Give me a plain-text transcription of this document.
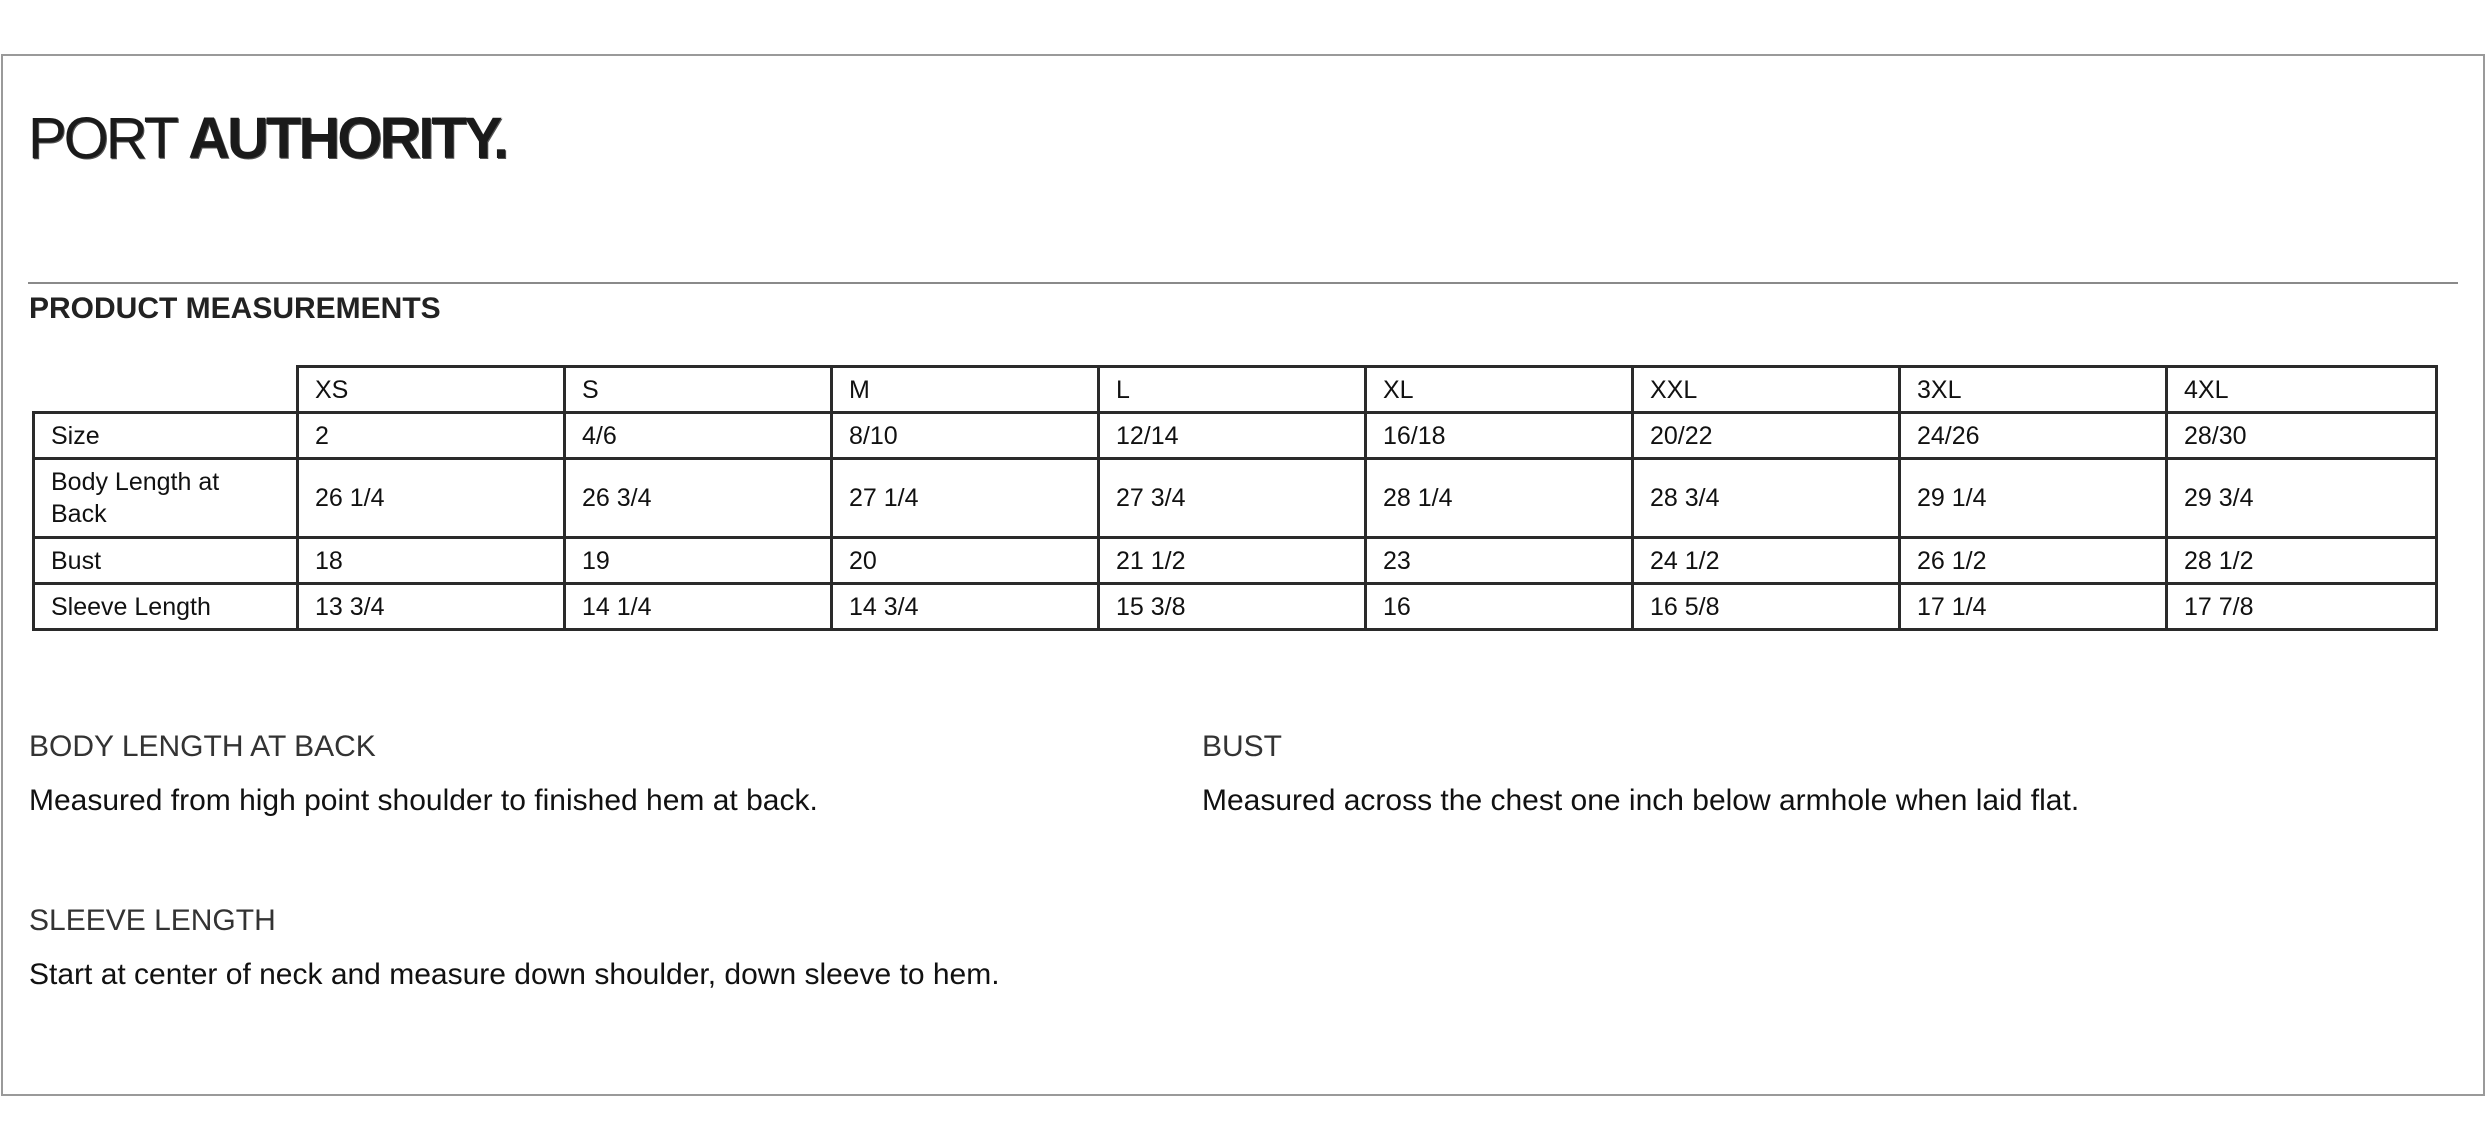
PORT AUTHORITY.
PRODUCT MEASUREMENTS
	XS	S	M	L	XL	XXL	3XL	4XL
Size	2	4/6	8/10	12/14	16/18	20/22	24/26	28/30
Body Length at Back	26 1/4	26 3/4	27 1/4	27 3/4	28 1/4	28 3/4	29 1/4	29 3/4
Bust	18	19	20	21 1/2	23	24 1/2	26 1/2	28 1/2
Sleeve Length	13 3/4	14 1/4	14 3/4	15 3/8	16	16 5/8	17 1/4	17 7/8
BODY LENGTH AT BACK
Measured from high point shoulder to finished hem at back.
BUST
Measured across the chest one inch below armhole when laid flat.
SLEEVE LENGTH
Start at center of neck and measure down shoulder, down sleeve to hem.
